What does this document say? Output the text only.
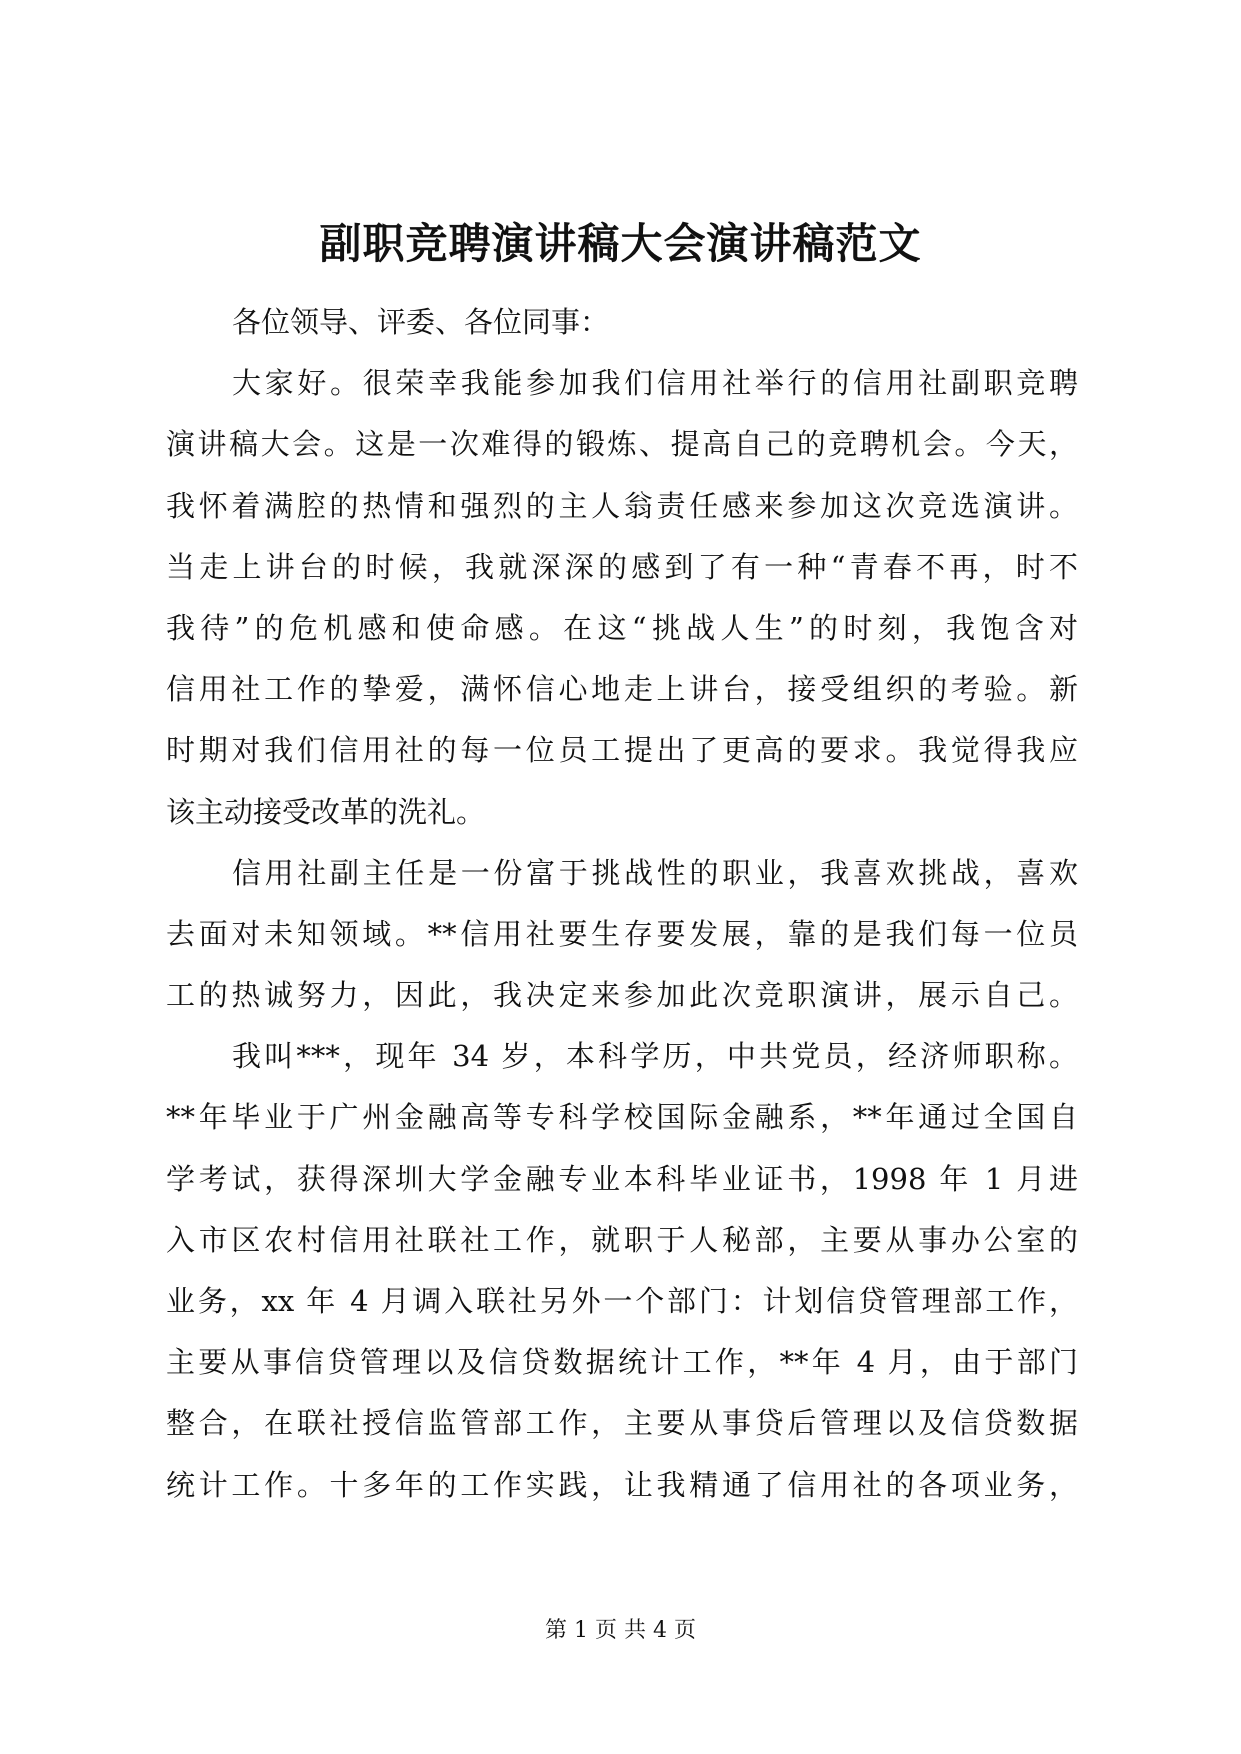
副职竞聘演讲稿大会演讲稿范文
各位领导、评委、各位同事：
大家好。很荣幸我能参加我们信用社举行的信用社副职竞聘
演讲稿大会。这是一次难得的锻炼、提高自己的竞聘机会。今天，
我怀着满腔的热情和强烈的主人翁责任感来参加这次竞选演讲。
当走上讲台的时候，我就深深的感到了有一种“青春不再，时不
我待”的危机感和使命感。在这“挑战人生”的时刻，我饱含对
信用社工作的挚爱，满怀信心地走上讲台，接受组织的考验。新
时期对我们信用社的每一位员工提出了更高的要求。我觉得我应
该主动接受改革的洗礼。
信用社副主任是一份富于挑战性的职业，我喜欢挑战，喜欢
去面对未知领域。**信用社要生存要发展，靠的是我们每一位员
工的热诚努力，因此，我决定来参加此次竞职演讲，展示自己。
我叫***，现年 34 岁，本科学历，中共党员，经济师职称。
**年毕业于广州金融高等专科学校国际金融系，**年通过全国自
学考试，获得深圳大学金融专业本科毕业证书，1998 年 1 月进
入市区农村信用社联社工作，就职于人秘部，主要从事办公室的
业务，xx 年 4 月调入联社另外一个部门：计划信贷管理部工作，
主要从事信贷管理以及信贷数据统计工作，**年 4 月，由于部门
整合，在联社授信监管部工作，主要从事贷后管理以及信贷数据
统计工作。十多年的工作实践，让我精通了信用社的各项业务，
第 1 页 共 4 页
